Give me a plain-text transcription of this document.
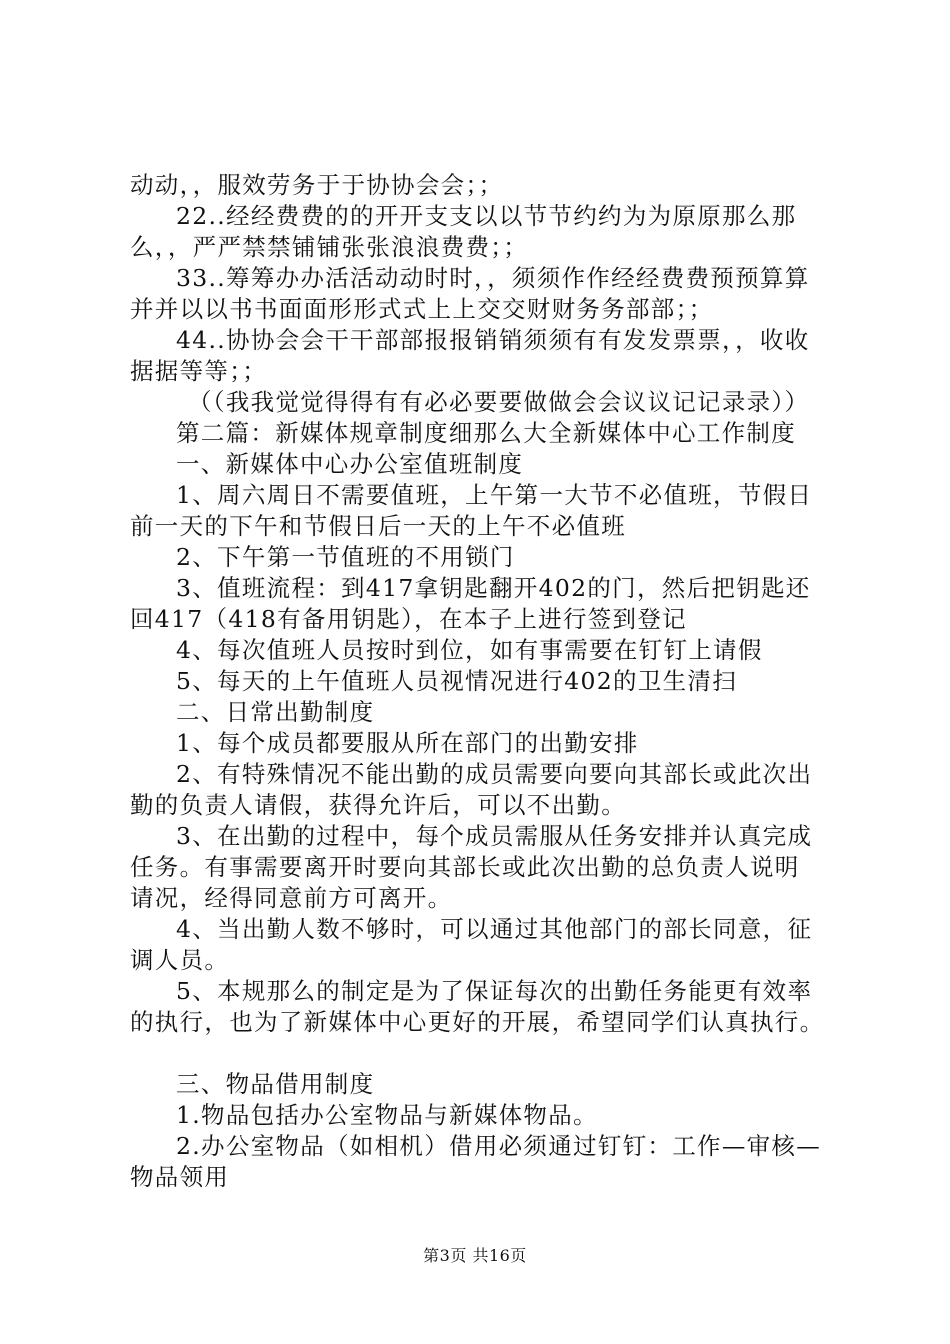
动动，，服效劳务于于协协会会；；
22..经经费费的的开开支支以以节节约约为为原原那么那
么，，严严禁禁铺铺张张浪浪费费；；
33..筹筹办办活活动动时时，，须须作作经经费费预预算算
并并以以书书面面形形式式上上交交财财务务部部；；
44..协协会会干干部部报报销销须须有有发发票票，，收收
据据等等；；
（（我我觉觉得得有有必必要要做做会会议议记记录录））
第二篇：新媒体规章制度细那么大全新媒体中心工作制度
一、新媒体中心办公室值班制度
1、周六周日不需要值班，上午第一大节不必值班，节假日
前一天的下午和节假日后一天的上午不必值班
2、下午第一节值班的不用锁门
3、值班流程：到417拿钥匙翻开402的门，然后把钥匙还
回417（418有备用钥匙），在本子上进行签到登记
4、每次值班人员按时到位，如有事需要在钉钉上请假
5、每天的上午值班人员视情况进行402的卫生清扫
二、日常出勤制度
1、每个成员都要服从所在部门的出勤安排
2、有特殊情况不能出勤的成员需要向要向其部长或此次出
勤的负责人请假，获得允许后，可以不出勤。
3、在出勤的过程中，每个成员需服从任务安排并认真完成
任务。有事需要离开时要向其部长或此次出勤的总负责人说明
请况，经得同意前方可离开。
4、当出勤人数不够时，可以通过其他部门的部长同意，征
调人员。
5、本规那么的制定是为了保证每次的出勤任务能更有效率
的执行，也为了新媒体中心更好的开展，希望同学们认真执行。
三、物品借用制度
1.物品包括办公室物品与新媒体物品。
2.办公室物品（如相机）借用必须通过钉钉：工作—审核—
物品领用
第3页 共16页
